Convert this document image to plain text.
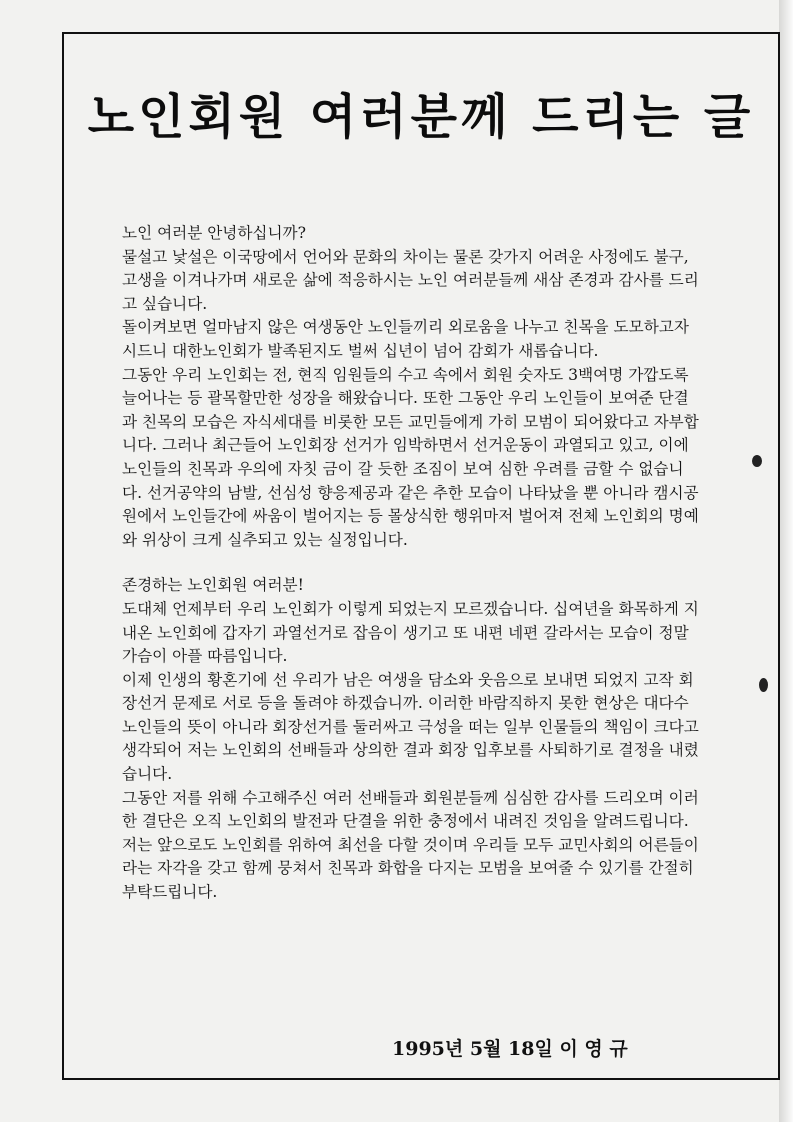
노인회원 여러분께 드리는 글

노인 여러분 안녕하십니까?

물설고 낯설은 이국땅에서 언어와 문화의 차이는 물론 갖가지 어려운 사정에도 불구, 고생을 이겨나가며 새로운 삶에 적응하시는 노인 여러분들께 새삼 존경과 감사를 드리고 싶습니다.

돌이켜보면 얼마남지 않은 여생동안 노인들끼리 외로움을 나누고 친목을 도모하고자 시드니 대한노인회가 발족된지도 벌써 십년이 넘어 감회가 새롭습니다.

그동안 우리 노인회는 전, 현직 임원들의 수고 속에서 회원 숫자도 3백여명 가깝도록 늘어나는 등 괄목할만한 성장을 해왔습니다. 또한 그동안 우리 노인들이 보여준 단결과 친목의 모습은 자식세대를 비롯한 모든 교민들에게 가히 모범이 되어왔다고 자부합니다. 그러나 최근들어 노인회장 선거가 임박하면서 선거운동이 과열되고 있고, 이에 노인들의 친목과 우의에 자칫 금이 갈 듯한 조짐이 보여 심한 우려를 금할 수 없습니다. 선거공약의 남발, 선심성 향응제공과 같은 추한 모습이 나타났을 뿐 아니라 캠시공원에서 노인들간에 싸움이 벌어지는 등 몰상식한 행위마저 벌어져 전체 노인회의 명예와 위상이 크게 실추되고 있는 실정입니다.

존경하는 노인회원 여러분!

도대체 언제부터 우리 노인회가 이렇게 되었는지 모르겠습니다. 십여년을 화목하게 지내온 노인회에 갑자기 과열선거로 잡음이 생기고 또 내편 네편 갈라서는 모습이 정말 가슴이 아플 따름입니다.

이제 인생의 황혼기에 선 우리가 남은 여생을 담소와 웃음으로 보내면 되었지 고작 회장선거 문제로 서로 등을 돌려야 하겠습니까. 이러한 바람직하지 못한 현상은 대다수 노인들의 뜻이 아니라 회장선거를 둘러싸고 극성을 떠는 일부 인물들의 책임이 크다고 생각되어 저는 노인회의 선배들과 상의한 결과 회장 입후보를 사퇴하기로 결정을 내렸습니다.

그동안 저를 위해 수고해주신 여러 선배들과 회원분들께 심심한 감사를 드리오며 이러한 결단은 오직 노인회의 발전과 단결을 위한 충정에서 내려진 것임을 알려드립니다. 저는 앞으로도 노인회를 위하여 최선을 다할 것이며 우리들 모두 교민사회의 어른들이라는 자각을 갖고 함께 뭉쳐서 친목과 화합을 다지는 모범을 보여줄 수 있기를 간절히 부탁드립니다.

1995년 5월 18일 이 영 규
